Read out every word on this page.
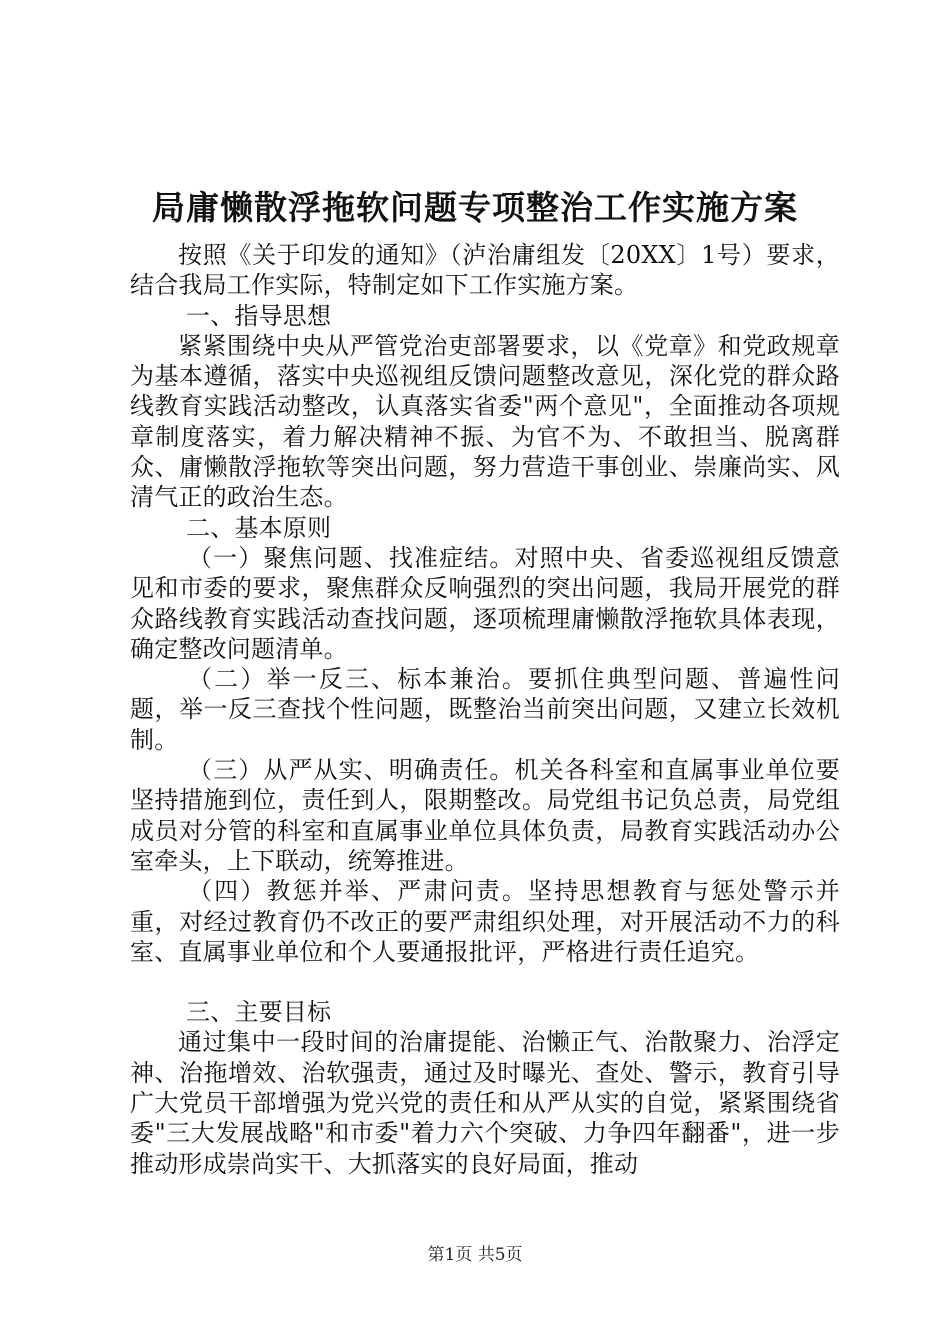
局庸懒散浮拖软问题专项整治工作实施方案

按照《关于印发的通知》（泸治庸组发〔20XX〕1号）要求，结合我局工作实际，特制定如下工作实施方案。

一、指导思想

紧紧围绕中央从严管党治吏部署要求，以《党章》和党政规章为基本遵循，落实中央巡视组反馈问题整改意见，深化党的群众路线教育实践活动整改，认真落实省委"两个意见"，全面推动各项规章制度落实，着力解决精神不振、为官不为、不敢担当、脱离群众、庸懒散浮拖软等突出问题，努力营造干事创业、崇廉尚实、风清气正的政治生态。

二、基本原则

（一）聚焦问题、找准症结。对照中央、省委巡视组反馈意见和市委的要求，聚焦群众反响强烈的突出问题，我局开展党的群众路线教育实践活动查找问题，逐项梳理庸懒散浮拖软具体表现，确定整改问题清单。

（二）举一反三、标本兼治。要抓住典型问题、普遍性问题，举一反三查找个性问题，既整治当前突出问题，又建立长效机制。

（三）从严从实、明确责任。机关各科室和直属事业单位要坚持措施到位，责任到人，限期整改。局党组书记负总责，局党组成员对分管的科室和直属事业单位具体负责，局教育实践活动办公室牵头，上下联动，统筹推进。

（四）教惩并举、严肃问责。坚持思想教育与惩处警示并重，对经过教育仍不改正的要严肃组织处理，对开展活动不力的科室、直属事业单位和个人要通报批评，严格进行责任追究。

三、主要目标

通过集中一段时间的治庸提能、治懒正气、治散聚力、治浮定神、治拖增效、治软强责，通过及时曝光、查处、警示，教育引导广大党员干部增强为党兴党的责任和从严从实的自觉，紧紧围绕省委"三大发展战略"和市委"着力六个突破、力争四年翻番"，进一步推动形成崇尚实干、大抓落实的良好局面，推动

第1页 共5页
